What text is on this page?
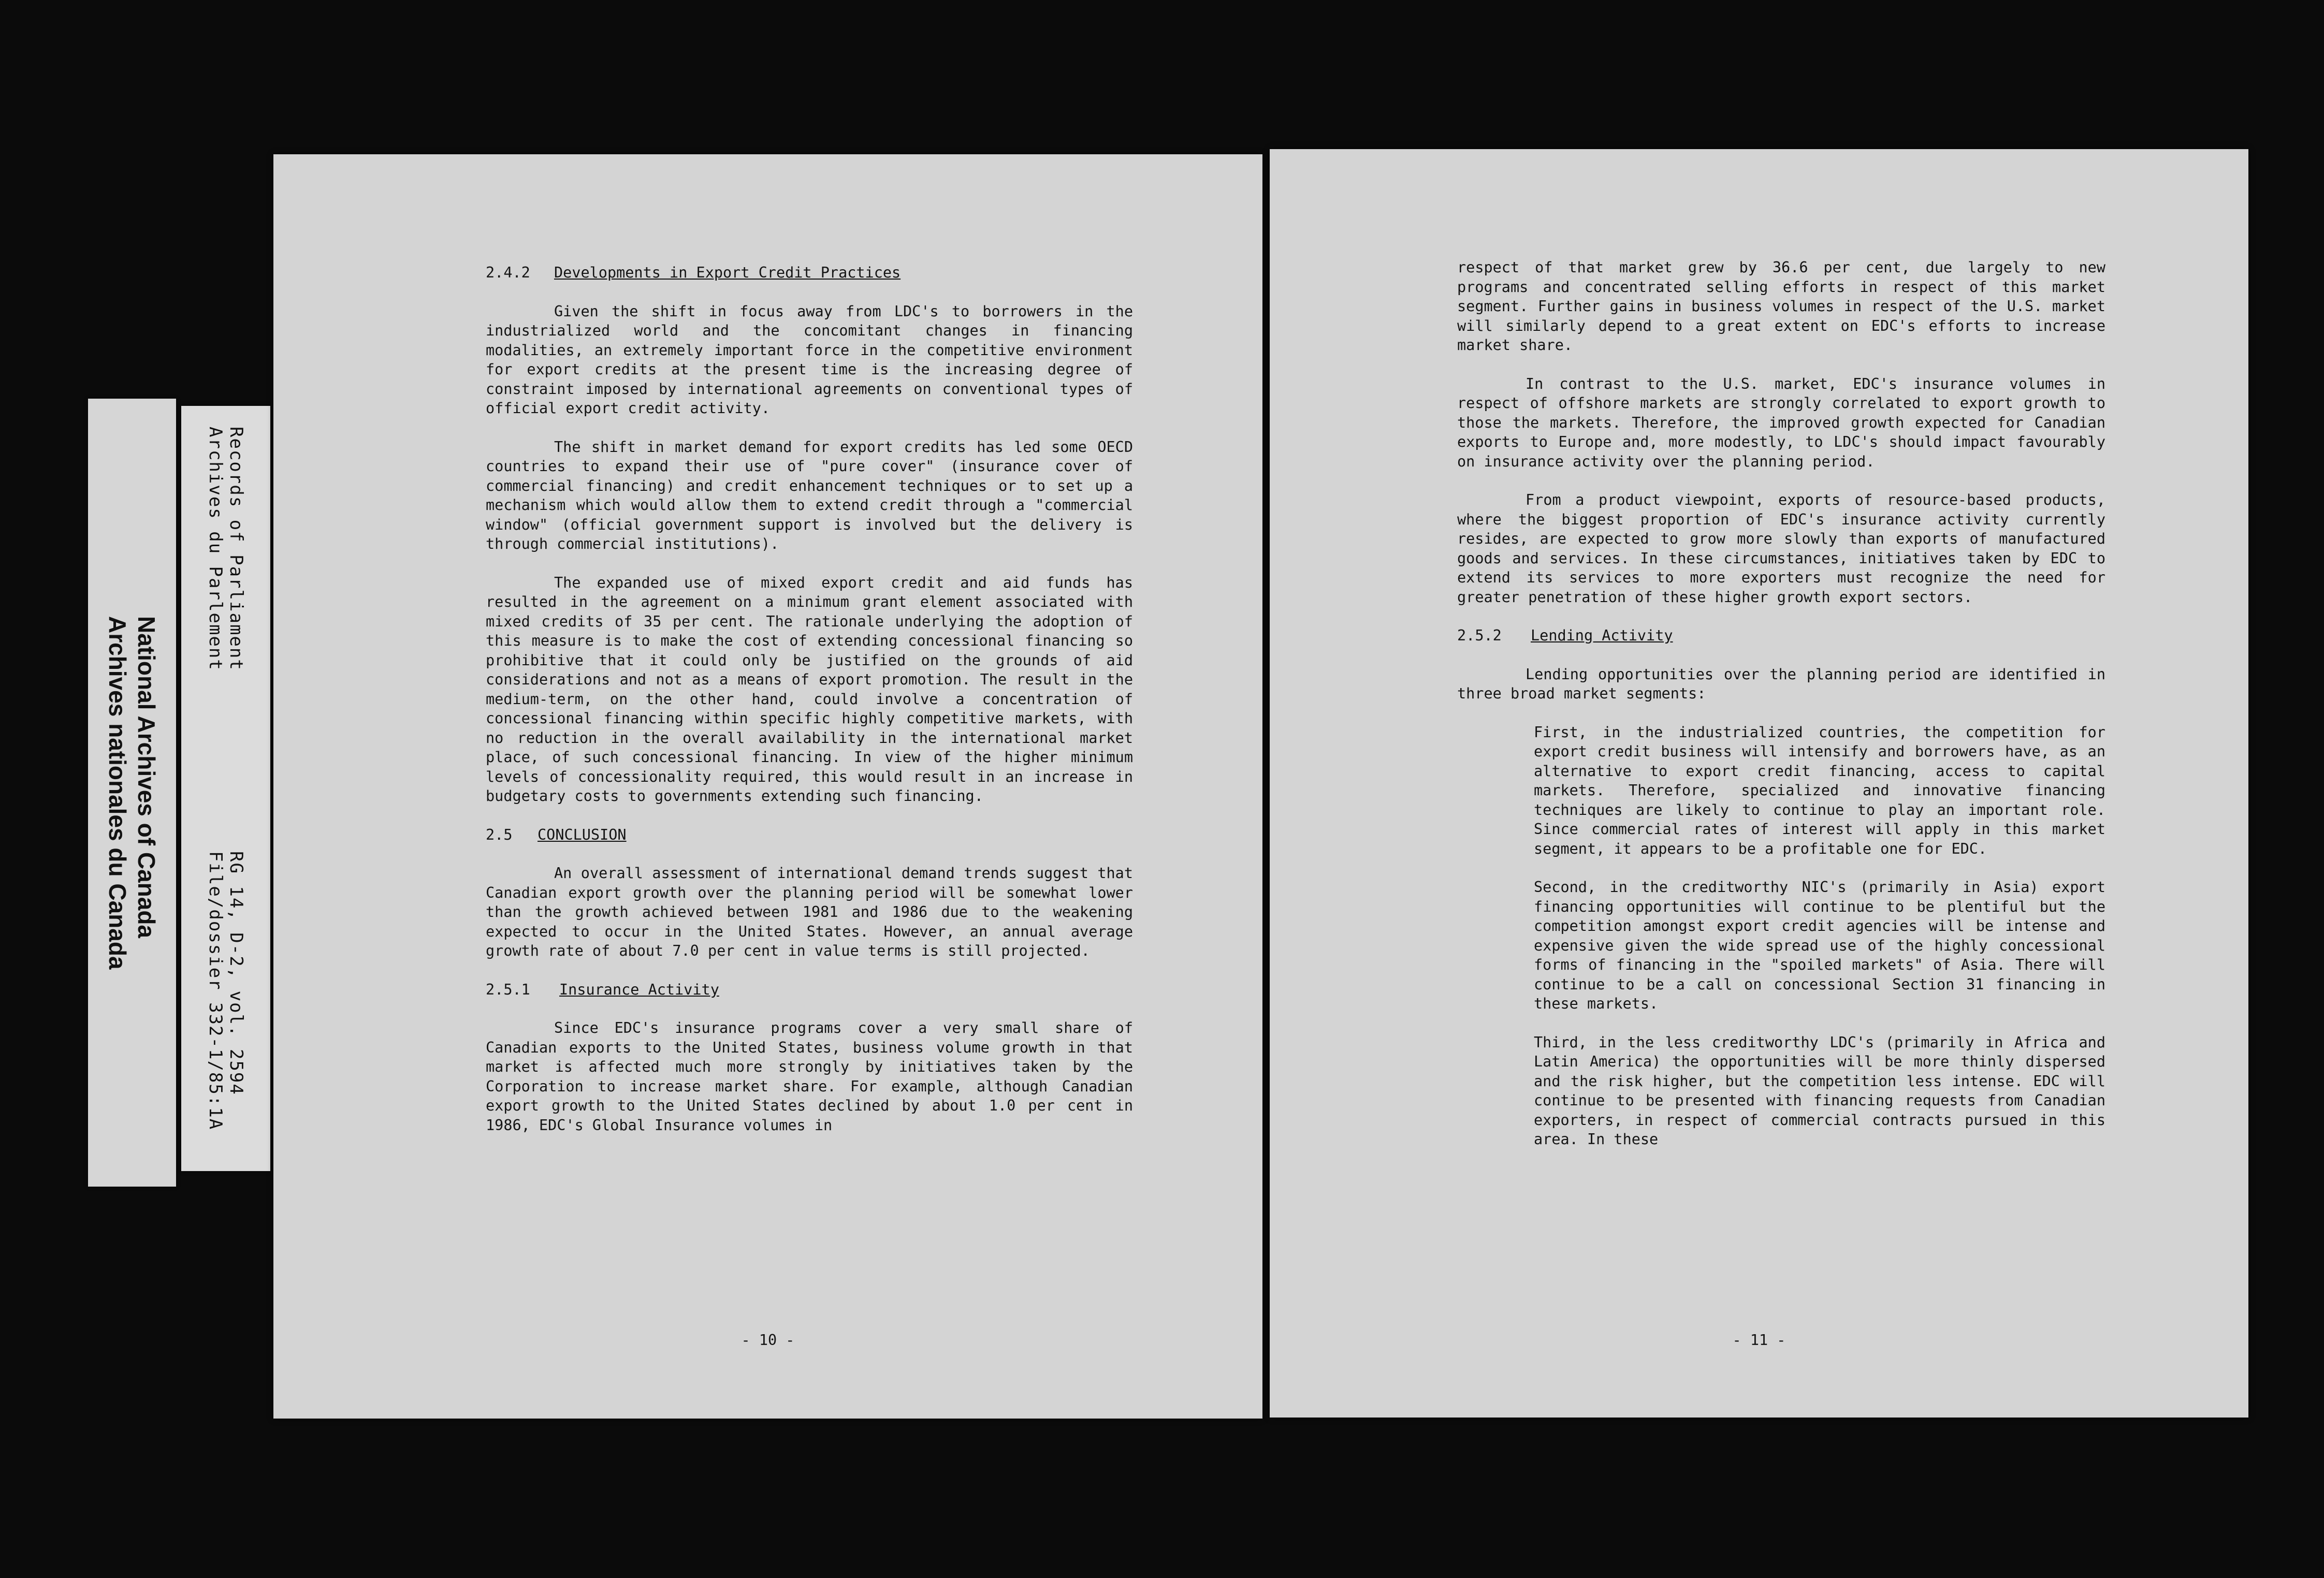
National Archives of Canada
Archives nationales du Canada
Records of Parliament
Archives du Parlement
RG 14, D-2, vol. 2594
File/dossier 332-1/85:1A
2.4.2 Developments in Export Credit Practices

Given the shift in focus away from LDC's to borrowers in the industrialized world and the concomitant changes in financing modalities, an extremely important force in the competitive environment for export credits at the present time is the increasing degree of constraint imposed by international agreements on conventional types of official export credit activity.

The shift in market demand for export credits has led some OECD countries to expand their use of "pure cover" (insurance cover of commercial financing) and credit enhancement techniques or to set up a mechanism which would allow them to extend credit through a "commercial window" (official government support is involved but the delivery is through commercial institutions).

The expanded use of mixed export credit and aid funds has resulted in the agreement on a minimum grant element associated with mixed credits of 35 per cent. The rationale underlying the adoption of this measure is to make the cost of extending concessional financing so prohibitive that it could only be justified on the grounds of aid considerations and not as a means of export promotion. The result in the medium-term, on the other hand, could involve a concentration of concessional financing within specific highly competitive markets, with no reduction in the overall availability in the international market place, of such concessional financing. In view of the higher minimum levels of concessionality required, this would result in an increase in budgetary costs to governments extending such financing.

2.5 CONCLUSION

An overall assessment of international demand trends suggest that Canadian export growth over the planning period will be somewhat lower than the growth achieved between 1981 and 1986 due to the weakening expected to occur in the United States. However, an annual average growth rate of about 7.0 per cent in value terms is still projected.

2.5.1 Insurance Activity

Since EDC's insurance programs cover a very small share of Canadian exports to the United States, business volume growth in that market is affected much more strongly by initiatives taken by the Corporation to increase market share. For example, although Canadian export growth to the United States declined by about 1.0 per cent in 1986, EDC's Global Insurance volumes in

- 10 -

respect of that market grew by 36.6 per cent, due largely to new programs and concentrated selling efforts in respect of this market segment. Further gains in business volumes in respect of the U.S. market will similarly depend to a great extent on EDC's efforts to increase market share.

In contrast to the U.S. market, EDC's insurance volumes in respect of offshore markets are strongly correlated to export growth to those the markets. Therefore, the improved growth expected for Canadian exports to Europe and, more modestly, to LDC's should impact favourably on insurance activity over the planning period.

From a product viewpoint, exports of resource-based products, where the biggest proportion of EDC's insurance activity currently resides, are expected to grow more slowly than exports of manufactured goods and services. In these circumstances, initiatives taken by EDC to extend its services to more exporters must recognize the need for greater penetration of these higher growth export sectors.

2.5.2 Lending Activity

Lending opportunities over the planning period are identified in three broad market segments:

First, in the industrialized countries, the competition for export credit business will intensify and borrowers have, as an alternative to export credit financing, access to capital markets. Therefore, specialized and innovative financing techniques are likely to continue to play an important role. Since commercial rates of interest will apply in this market segment, it appears to be a profitable one for EDC.

Second, in the creditworthy NIC's (primarily in Asia) export financing opportunities will continue to be plentiful but the competition amongst export credit agencies will be intense and expensive given the wide spread use of the highly concessional forms of financing in the "spoiled markets" of Asia. There will continue to be a call on concessional Section 31 financing in these markets.

Third, in the less creditworthy LDC's (primarily in Africa and Latin America) the opportunities will be more thinly dispersed and the risk higher, but the competition less intense. EDC will continue to be presented with financing requests from Canadian exporters, in respect of commercial contracts pursued in this area. In these

- 11 -
